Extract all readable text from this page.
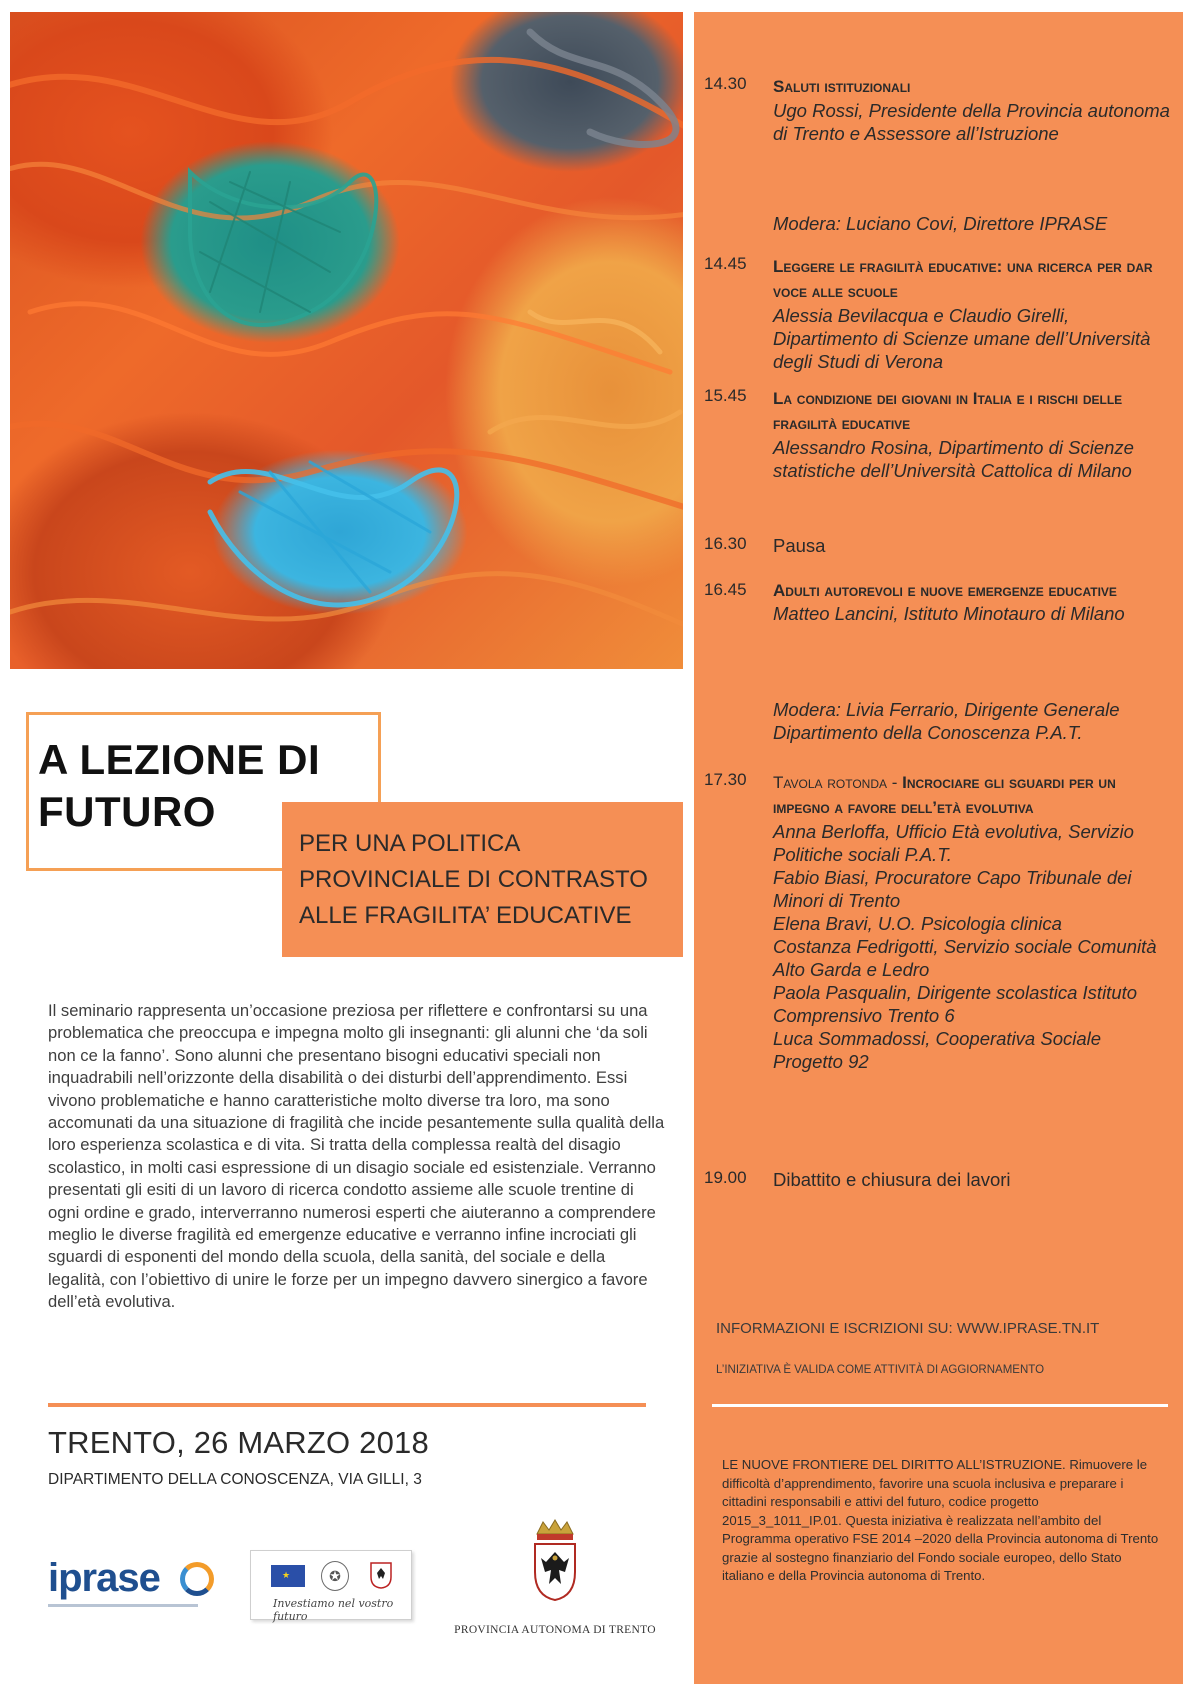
A LEZIONE DI
FUTURO
PER UNA POLITICA PROVINCIALE DI CONTRASTO ALLE FRAGILITA’ EDUCATIVE
Il seminario rappresenta un’occasione preziosa per riflettere e confrontarsi su una problematica che preoccupa e impegna molto gli insegnanti: gli alunni che ‘da soli non ce la fanno’. Sono alunni che presentano bisogni educativi speciali non inquadrabili nell’orizzonte della disabilità o dei disturbi dell’apprendimento. Essi vivono problematiche e hanno caratteristiche molto diverse tra loro, ma sono accomunati da una situazione di fragilità che incide pesantemente sulla qualità della loro esperienza scolastica e di vita. Si tratta della complessa realtà del disagio scolastico, in molti casi espressione di un disagio sociale ed esistenziale. Verranno presentati gli esiti di un lavoro di ricerca condotto assieme alle scuole trentine di ogni ordine e grado, interverranno numerosi esperti che aiuteranno a comprendere meglio le diverse fragilità ed emergenze educative e verranno infine incrociati gli sguardi di esponenti del mondo della scuola, della sanità, del sociale e della legalità, con l’obiettivo di unire le forze per un impegno davvero sinergico a favore dell’età evolutiva.
TRENTO, 26 MARZO 2018
DIPARTIMENTO DELLA CONOSCENZA, VIA GILLI, 3
iprase	★	✪
Investiamo nel vostro futuro
PROVINCIA AUTONOMA DI TRENTO
14.30 Saluti istituzionali
Ugo Rossi, Presidente della Provincia autonoma di Trento e Assessore all’Istruzione
Modera: Luciano Covi, Direttore IPRASE
14.45 Leggere le fragilità educative: una ricerca per dar voce alle scuole
Alessia Bevilacqua e Claudio Girelli, Dipartimento di Scienze umane dell’Università degli Studi di Verona
15.45 La condizione dei giovani in Italia e i rischi delle fragilità educative
Alessandro Rosina, Dipartimento di Scienze statistiche dell’Università Cattolica di Milano
16.30 Pausa
16.45 Adulti autorevoli e nuove emergenze educative
Matteo Lancini, Istituto Minotauro di Milano
Modera: Livia Ferrario, Dirigente Generale Dipartimento della Conoscenza P.A.T.
17.30 Tavola rotonda - Incrociare gli sguardi per un impegno a favore dell’età evolutiva
Anna Berloffa, Ufficio Età evolutiva, Servizio Politiche sociali P.A.T.
Fabio Biasi, Procuratore Capo Tribunale dei Minori di Trento
Elena Bravi, U.O. Psicologia clinica
Costanza Fedrigotti, Servizio sociale Comunità Alto Garda e Ledro
Paola Pasqualin, Dirigente scolastica Istituto Comprensivo Trento 6
Luca Sommadossi, Cooperativa Sociale Progetto 92
19.00 Dibattito e chiusura dei lavori
INFORMAZIONI E ISCRIZIONI SU: WWW.IPRASE.TN.IT
L’INIZIATIVA È VALIDA COME ATTIVITÀ DI AGGIORNAMENTO
LE NUOVE FRONTIERE DEL DIRITTO ALL’ISTRUZIONE. Rimuovere le difficoltà d’apprendimento, favorire una scuola inclusiva e preparare i cittadini responsabili e attivi del futuro, codice progetto 2015_3_1011_IP.01. Questa iniziativa è realizzata nell’ambito del Programma operativo FSE 2014 –2020 della Provincia autonoma di Trento grazie al sostegno finanziario del Fondo sociale europeo, dello Stato italiano e della Provincia autonoma di Trento.
